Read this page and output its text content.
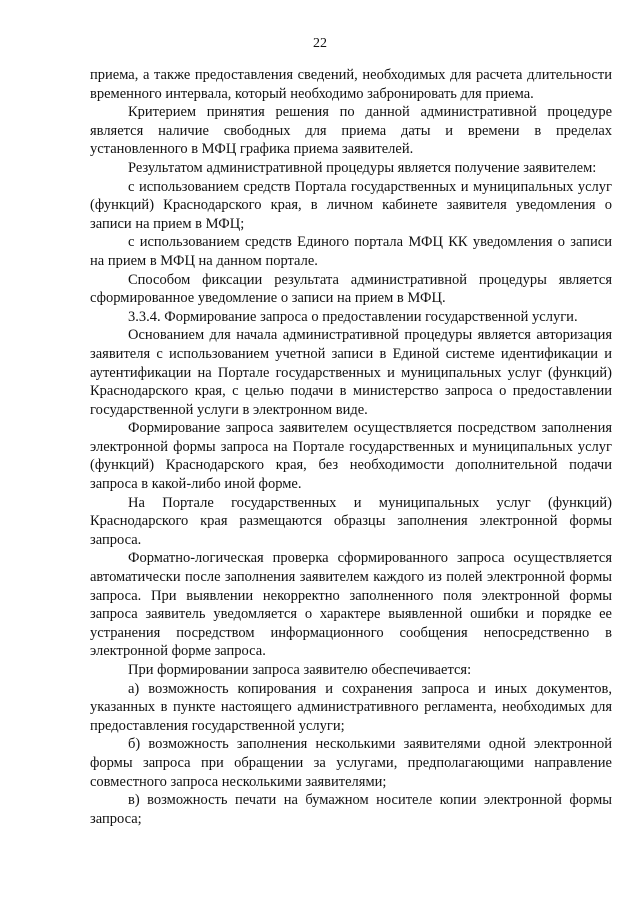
22

приема, а также предоставления сведений, необходимых для расчета длительности временного интервала, который необходимо забронировать для приема.

Критерием принятия решения по данной административной процедуре является наличие свободных для приема даты и времени в пределах установленного в МФЦ графика приема заявителей.

Результатом административной процедуры является получение заявителем:

с использованием средств Портала государственных и муниципальных услуг (функций) Краснодарского края, в личном кабинете заявителя уведомления о записи на прием в МФЦ;

с использованием средств Единого портала МФЦ КК уведомления о записи на прием в МФЦ на данном портале.

Способом фиксации результата административной процедуры является сформированное уведомление о записи на прием в МФЦ.

3.3.4. Формирование запроса о предоставлении государственной услуги.

Основанием для начала административной процедуры является авторизация заявителя с использованием учетной записи в Единой системе идентификации и аутентификации на Портале государственных и муниципальных услуг (функций) Краснодарского края, с целью подачи в министерство запроса о предоставлении государственной услуги в электронном виде.

Формирование запроса заявителем осуществляется посредством заполнения электронной формы запроса на Портале государственных и муниципальных услуг (функций) Краснодарского края, без необходимости дополнительной подачи запроса в какой-либо иной форме.

На Портале государственных и муниципальных услуг (функций) Краснодарского края размещаются образцы заполнения электронной формы запроса.

Форматно-логическая проверка сформированного запроса осуществляется автоматически после заполнения заявителем каждого из полей электронной формы запроса. При выявлении некорректно заполненного поля электронной формы запроса заявитель уведомляется о характере выявленной ошибки и порядке ее устранения посредством информационного сообщения непосредственно в электронной форме запроса.

При формировании запроса заявителю обеспечивается:

а) возможность копирования и сохранения запроса и иных документов, указанных в пункте настоящего административного регламента, необходимых для предоставления государственной услуги;

б) возможность заполнения несколькими заявителями одной электронной формы запроса при обращении за услугами, предполагающими направление совместного запроса несколькими заявителями;

в) возможность печати на бумажном носителе копии электронной формы запроса;
